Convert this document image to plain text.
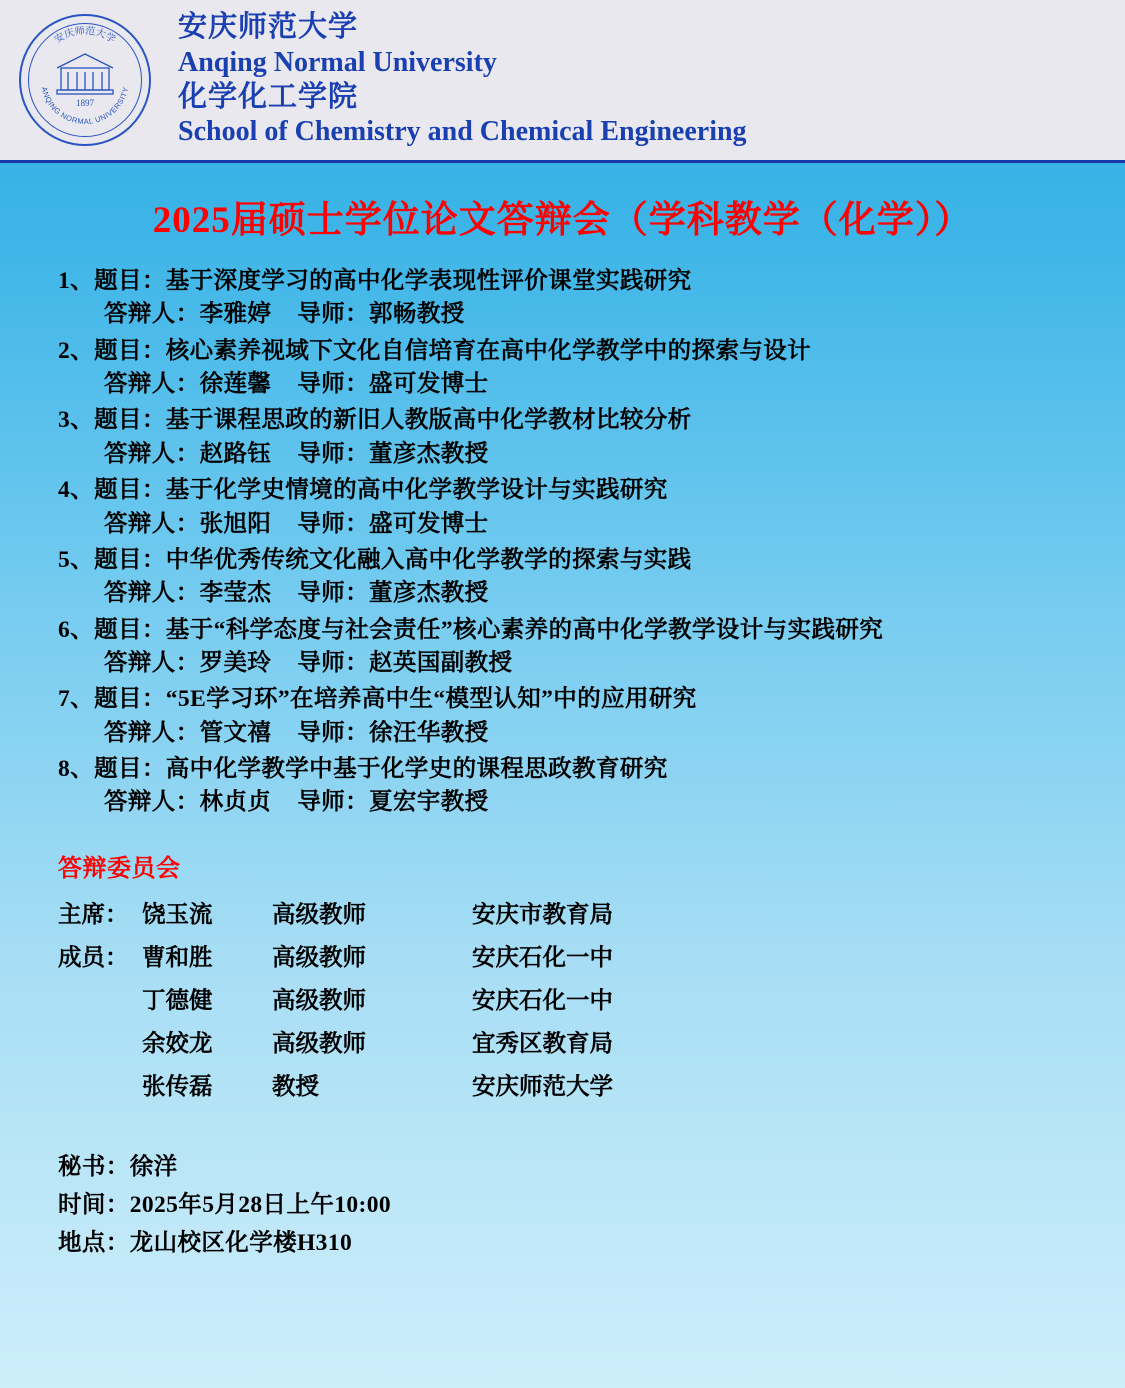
安庆师范大学
ANQING NORMAL UNIVERSITY
1897
安庆师范大学
Anqing Normal University
化学化工学院
School of Chemistry and Chemical Engineering
2025届硕士学位论文答辩会（学科教学（化学））
1、题目：基于深度学习的高中化学表现性评价课堂实践研究
答辩人：李雅婷 导师：郭畅教授
2、题目：核心素养视域下文化自信培育在高中化学教学中的探索与设计
答辩人：徐莲馨 导师：盛可发博士
3、题目：基于课程思政的新旧人教版高中化学教材比较分析
答辩人：赵路钰 导师：董彦杰教授
4、题目：基于化学史情境的高中化学教学设计与实践研究
答辩人：张旭阳 导师：盛可发博士
5、题目：中华优秀传统文化融入高中化学教学的探索与实践
答辩人：李莹杰 导师：董彦杰教授
6、题目：基于“科学态度与社会责任”核心素养的高中化学教学设计与实践研究
答辩人：罗美玲 导师：赵英国副教授
7、题目：“5E学习环”在培养高中生“模型认知”中的应用研究
答辩人：管文禧 导师：徐汪华教授
8、题目：高中化学教学中基于化学史的课程思政教育研究
答辩人：林贞贞 导师：夏宏宇教授
答辩委员会
主席：	饶玉流	高级教师	安庆市教育局
成员：	曹和胜	高级教师	安庆石化一中
	丁德健	高级教师	安庆石化一中
	余姣龙	高级教师	宜秀区教育局
	张传磊	教授	安庆师范大学
秘书：徐洋
时间：2025年5月28日上午10:00
地点：龙山校区化学楼H310
